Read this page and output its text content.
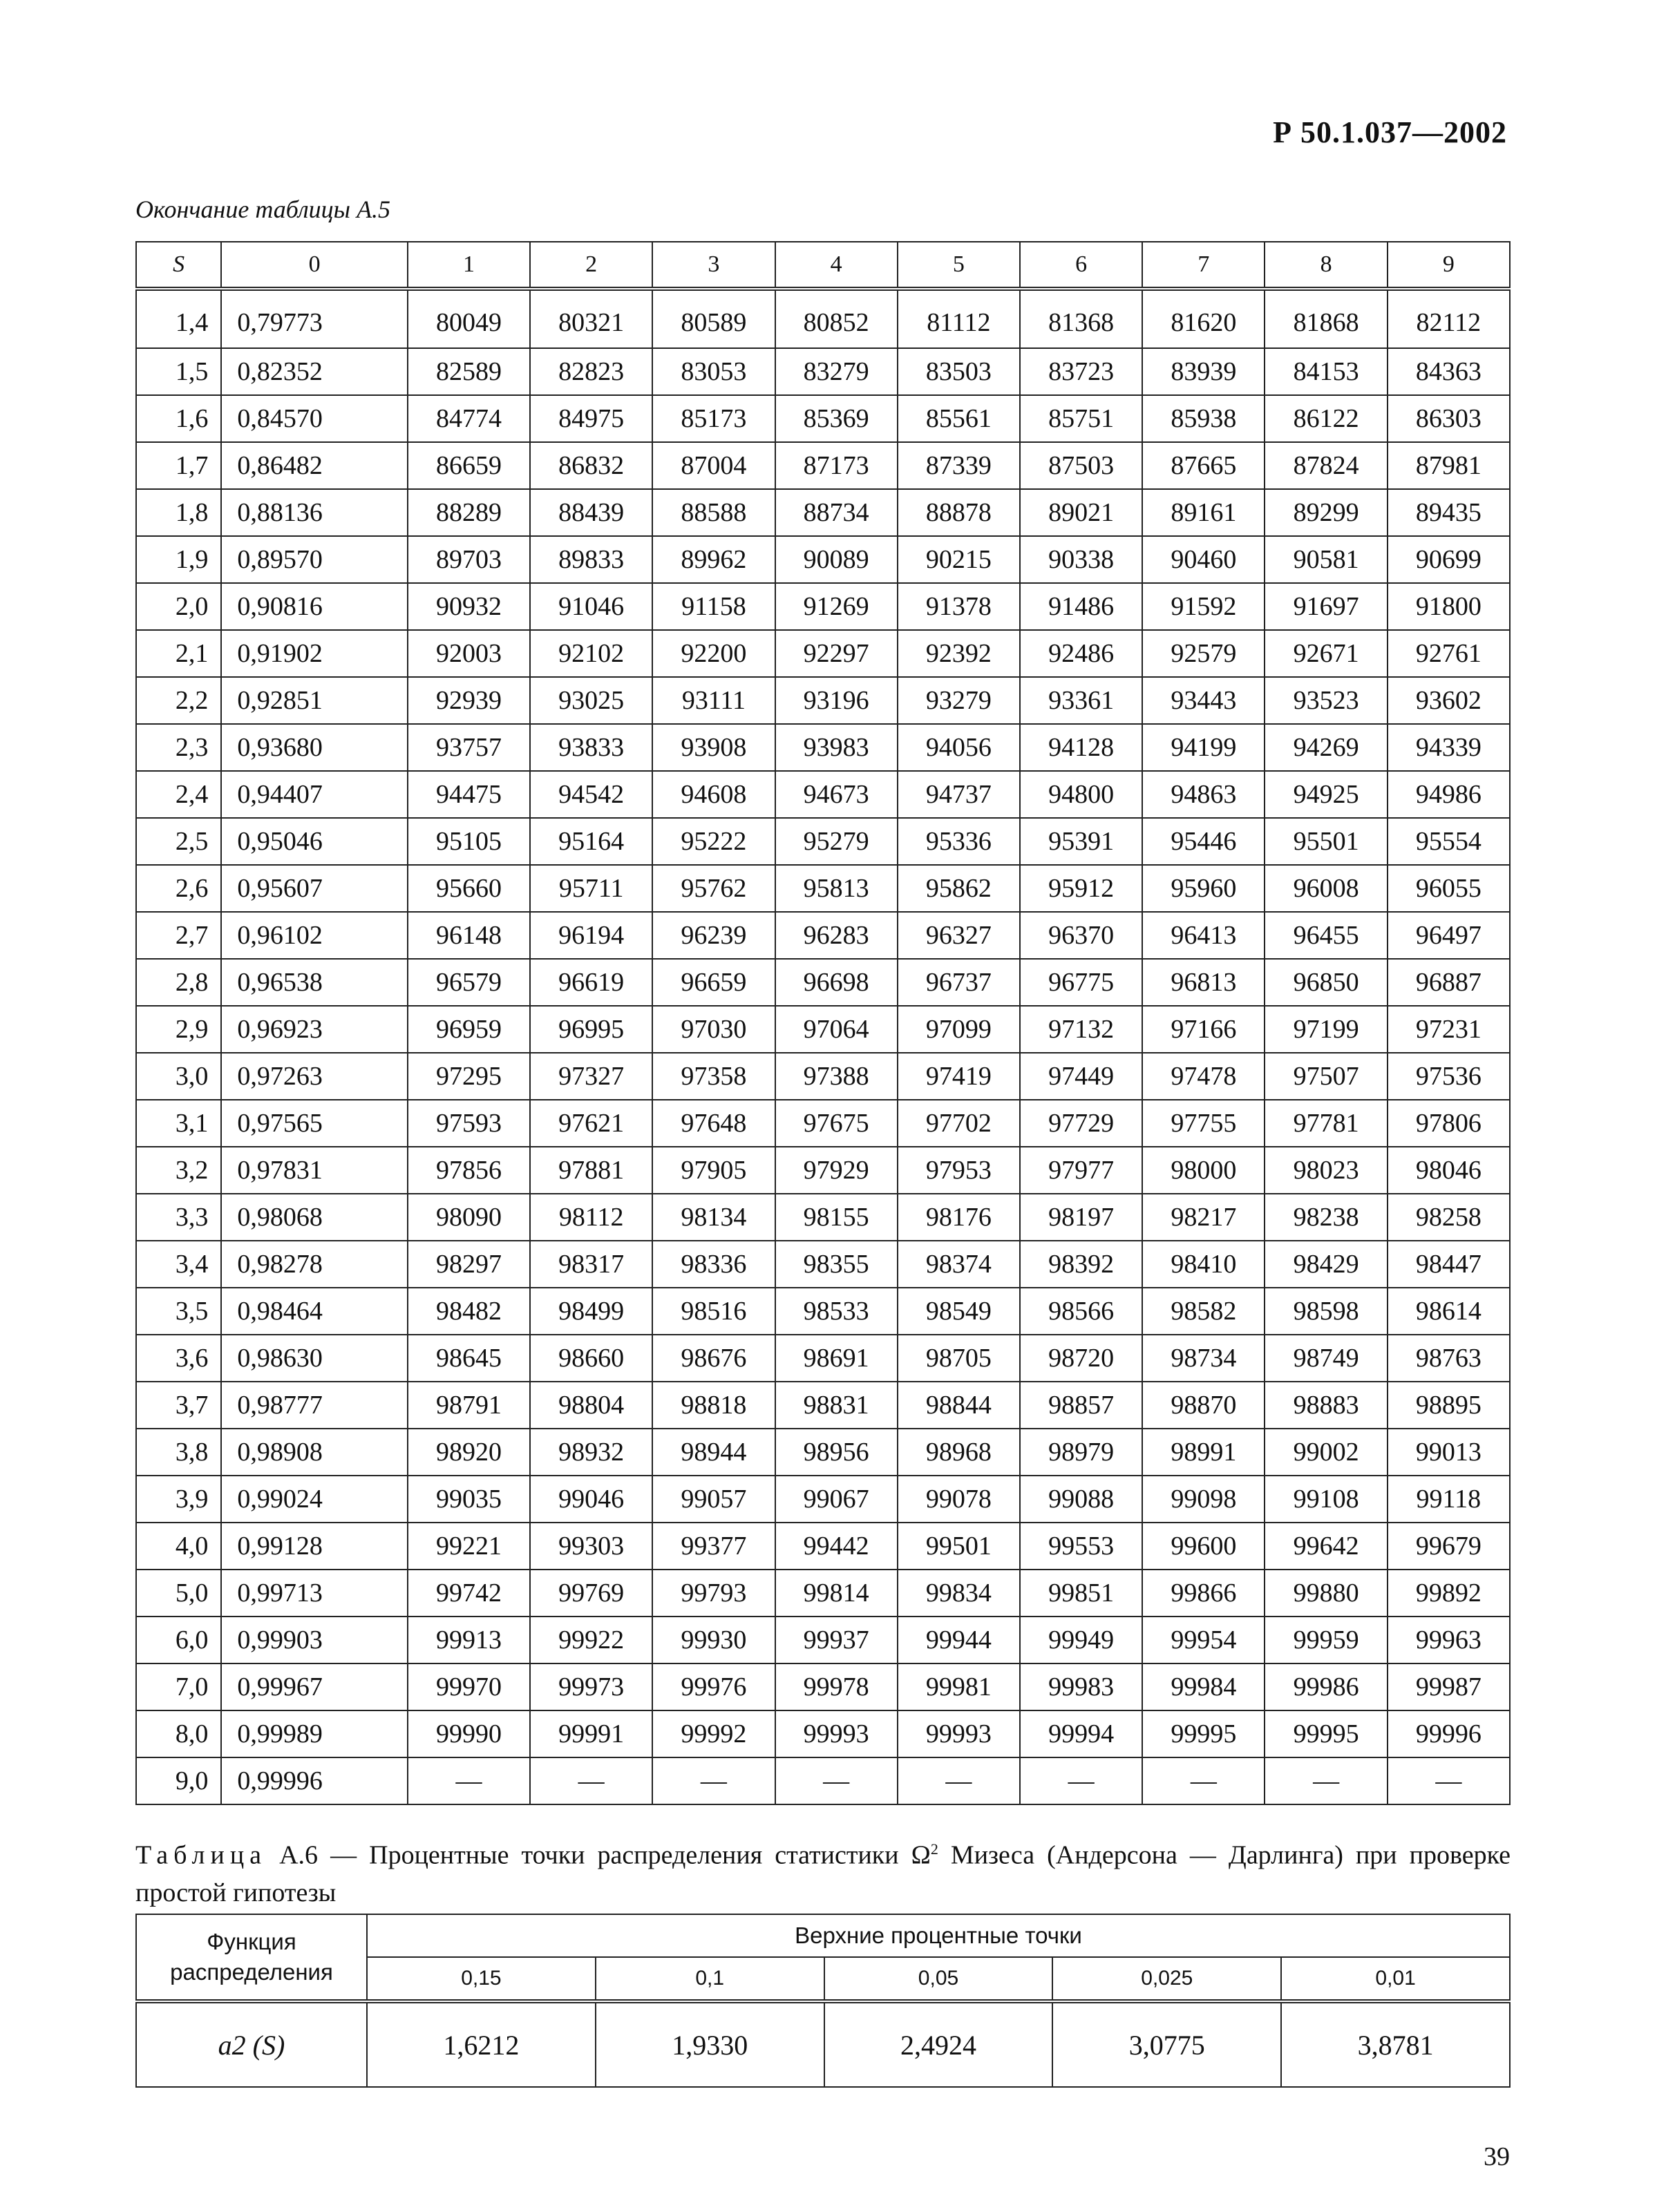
Р 50.1.037—2002
Окончание таблицы А.5
S	0	1	2	3	4	5	6	7	8	9
1,4	0,79773	80049	80321	80589	80852	81112	81368	81620	81868	82112
1,5	0,82352	82589	82823	83053	83279	83503	83723	83939	84153	84363
1,6	0,84570	84774	84975	85173	85369	85561	85751	85938	86122	86303
1,7	0,86482	86659	86832	87004	87173	87339	87503	87665	87824	87981
1,8	0,88136	88289	88439	88588	88734	88878	89021	89161	89299	89435
1,9	0,89570	89703	89833	89962	90089	90215	90338	90460	90581	90699
2,0	0,90816	90932	91046	91158	91269	91378	91486	91592	91697	91800
2,1	0,91902	92003	92102	92200	92297	92392	92486	92579	92671	92761
2,2	0,92851	92939	93025	93111	93196	93279	93361	93443	93523	93602
2,3	0,93680	93757	93833	93908	93983	94056	94128	94199	94269	94339
2,4	0,94407	94475	94542	94608	94673	94737	94800	94863	94925	94986
2,5	0,95046	95105	95164	95222	95279	95336	95391	95446	95501	95554
2,6	0,95607	95660	95711	95762	95813	95862	95912	95960	96008	96055
2,7	0,96102	96148	96194	96239	96283	96327	96370	96413	96455	96497
2,8	0,96538	96579	96619	96659	96698	96737	96775	96813	96850	96887
2,9	0,96923	96959	96995	97030	97064	97099	97132	97166	97199	97231
3,0	0,97263	97295	97327	97358	97388	97419	97449	97478	97507	97536
3,1	0,97565	97593	97621	97648	97675	97702	97729	97755	97781	97806
3,2	0,97831	97856	97881	97905	97929	97953	97977	98000	98023	98046
3,3	0,98068	98090	98112	98134	98155	98176	98197	98217	98238	98258
3,4	0,98278	98297	98317	98336	98355	98374	98392	98410	98429	98447
3,5	0,98464	98482	98499	98516	98533	98549	98566	98582	98598	98614
3,6	0,98630	98645	98660	98676	98691	98705	98720	98734	98749	98763
3,7	0,98777	98791	98804	98818	98831	98844	98857	98870	98883	98895
3,8	0,98908	98920	98932	98944	98956	98968	98979	98991	99002	99013
3,9	0,99024	99035	99046	99057	99067	99078	99088	99098	99108	99118
4,0	0,99128	99221	99303	99377	99442	99501	99553	99600	99642	99679
5,0	0,99713	99742	99769	99793	99814	99834	99851	99866	99880	99892
6,0	0,99903	99913	99922	99930	99937	99944	99949	99954	99959	99963
7,0	0,99967	99970	99973	99976	99978	99981	99983	99984	99986	99987
8,0	0,99989	99990	99991	99992	99993	99993	99994	99995	99995	99996
9,0	0,99996	—	—	—	—	—	—	—	—	—
Таблица А.6 — Процентные точки распределения статистики $\Omega^2$ Мизеса (Андерсона — Дарлинга) при проверке простой гипотезы
Функция распределения	Верхние процентные точки				
	0,15	0,1	0,05	0,025	0,01
a2 (S)	1,6212	1,9330	2,4924	3,0775	3,8781
39
